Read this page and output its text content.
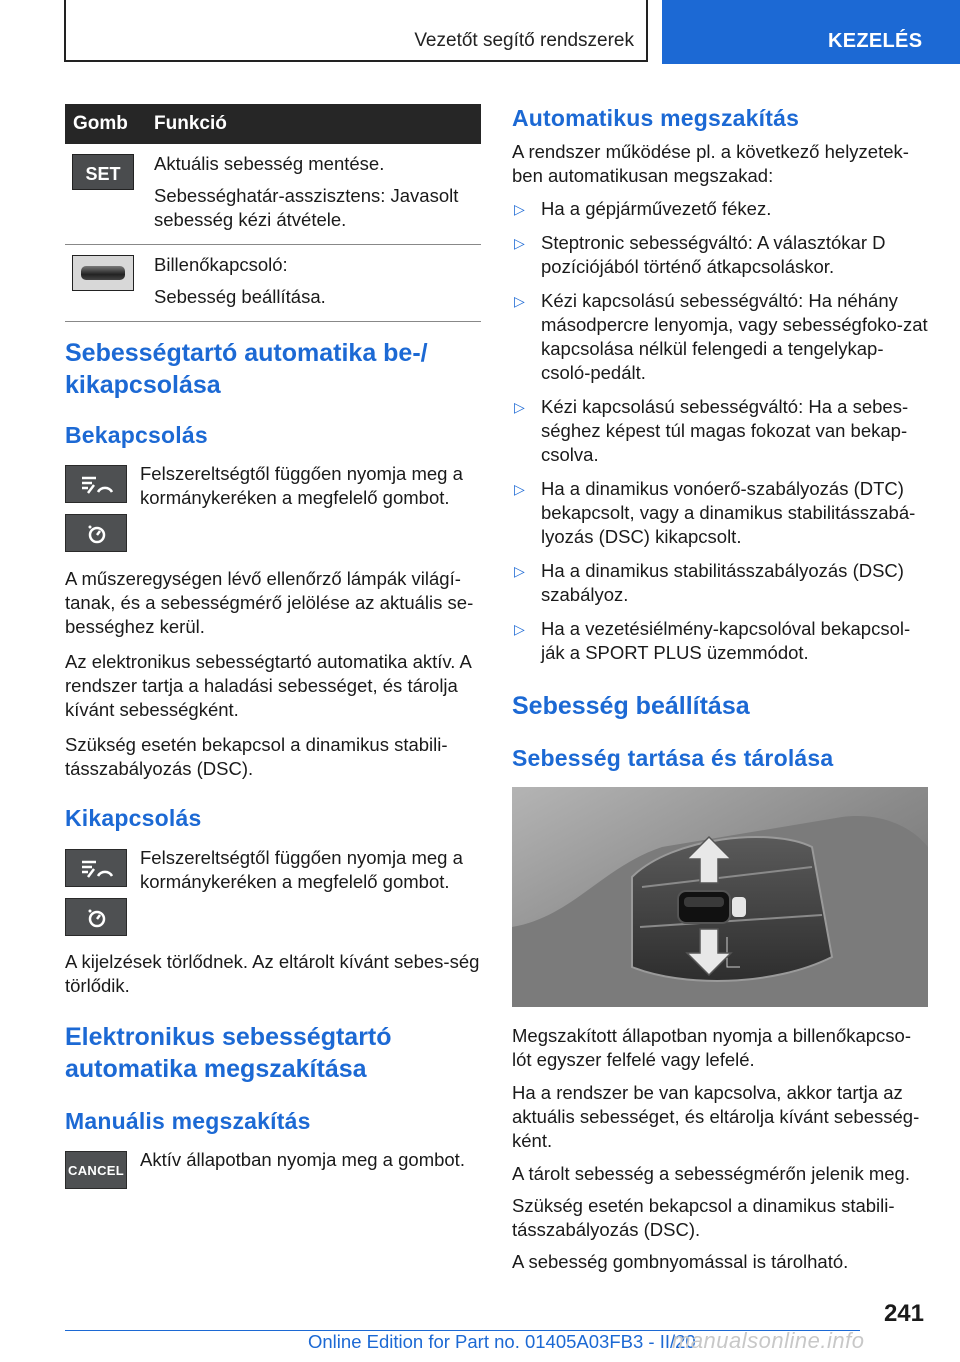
Vezetőt segítő rendszerek	KEZELÉS
Gomb	Funkció

SET	Aktuális sebesség mentése.

Sebességhatár-asszisztens: Javasolt sebesség kézi átvétele.

	Billenőkapcsoló:

Sebesség beállítása.

Sebességtartó automatika be-/ kikapcsolása
Bekapcsolás

Felszereltségtől függően nyomja meg a kormánykeréken a megfelelő gombot.

A műszeregységen lévő ellenőrző lámpák világí-tanak, és a sebességmérő jelölése az aktuális se-bességhez kerül.

Az elektronikus sebességtartó automatika aktív. A rendszer tartja a haladási sebességet, és tárolja kívánt sebességként.

Szükség esetén bekapcsol a dinamikus stabili-tásszabályozás (DSC).

Kikapcsolás

Felszereltségtől függően nyomja meg a kormánykeréken a megfelelő gombot.

A kijelzések törlődnek. Az eltárolt kívánt sebes-ség törlődik.

Elektronikus sebességtartó automatika megszakítása
Manuális megszakítás
CANCEL

Aktív állapotban nyomja meg a gombot.

Automatikus megszakítás

A rendszer működése pl. a következő helyzetek-ben automatikusan megszakad:

▷ Ha a gépjárművezető fékez.
▷ Steptronic sebességváltó: A választókar D pozíciójából történő átkapcsoláskor.
▷ Kézi kapcsolású sebességváltó: Ha néhány másodpercre lenyomja, vagy sebességfoko-zat kapcsolása nélkül felengedi a tengelykap-csoló-pedált.
▷ Kézi kapcsolású sebességváltó: Ha a sebes-séghez képest túl magas fokozat van bekap-csolva.
▷ Ha a dinamikus vonóerő-szabályozás (DTC) bekapcsolt, vagy a dinamikus stabilitásszabá-lyozás (DSC) kikapcsolt.
▷ Ha a dinamikus stabilitásszabályozás (DSC) szabályoz.
▷ Ha a vezetésiélmény-kapcsolóval bekapcsol-ják a SPORT PLUS üzemmódot.
Sebesség beállítása
Sebesség tartása és tárolása

Megszakított állapotban nyomja a billenőkapcso-lót egyszer felfelé vagy lefelé.

Ha a rendszer be van kapcsolva, akkor tartja az aktuális sebességet, és eltárolja kívánt sebesség-ként.

A tárolt sebesség a sebességmérőn jelenik meg.

Szükség esetén bekapcsol a dinamikus stabili-tásszabályozás (DSC).

A sebesség gombnyomással is tárolható.

241
Online Edition for Part no. 01405A03FB3 - II/20
manualsonline.info
